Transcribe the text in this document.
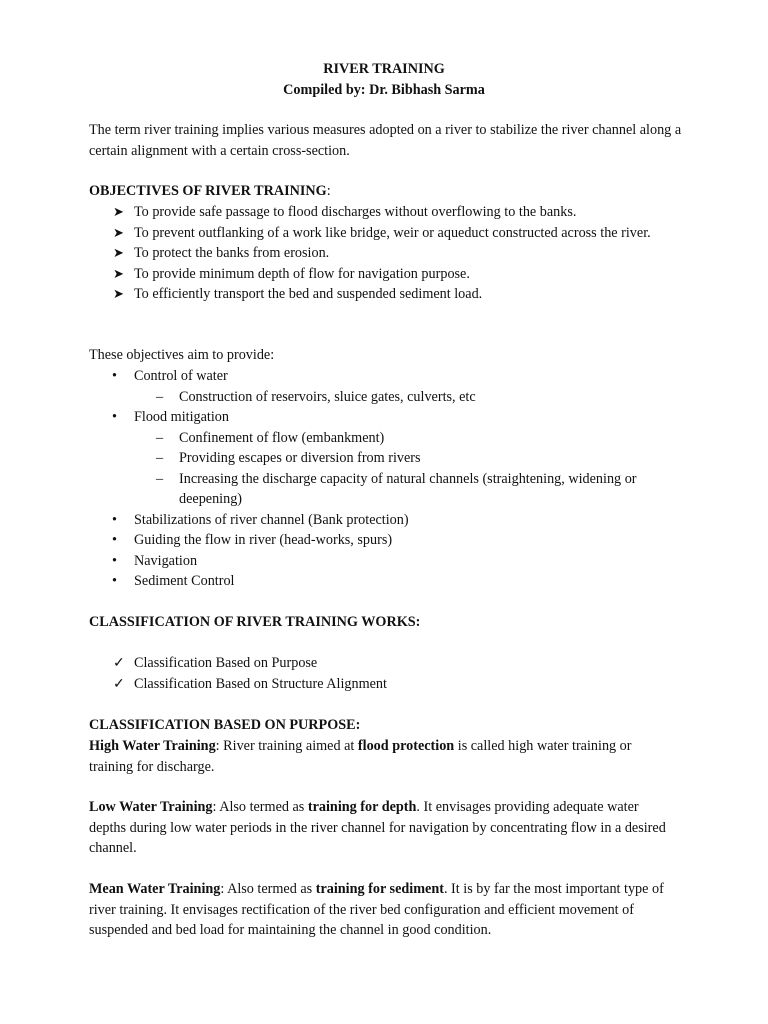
RIVER TRAINING
Compiled by: Dr. Bibhash Sarma

The term river training implies various measures adopted on a river to stabilize the river channel along a certain alignment with a certain cross-section.

OBJECTIVES OF RIVER TRAINING:
➤ To provide safe passage to flood discharges without overflowing to the banks.
➤ To prevent outflanking of a work like bridge, weir or aqueduct constructed across the river.
➤ To protect the banks from erosion.
➤ To provide minimum depth of flow for navigation purpose.
➤ To efficiently transport the bed and suspended sediment load.
These objectives aim to provide:
• Control of water
– Construction of reservoirs, sluice gates, culverts, etc
• Flood mitigation
– Confinement of flow (embankment)
– Providing escapes or diversion from rivers
– Increasing the discharge capacity of natural channels (straightening, widening or deepening)
• Stabilizations of river channel (Bank protection)
• Guiding the flow in river (head-works, spurs)
• Navigation
• Sediment Control
CLASSIFICATION OF RIVER TRAINING WORKS:
✓ Classification Based on Purpose
✓ Classification Based on Structure Alignment
CLASSIFICATION BASED ON PURPOSE:

High Water Training: River training aimed at flood protection is called high water training or training for discharge.

Low Water Training: Also termed as training for depth. It envisages providing adequate water depths during low water periods in the river channel for navigation by concentrating flow in a desired channel.

Mean Water Training: Also termed as training for sediment. It is by far the most important type of river training. It envisages rectification of the river bed configuration and efficient movement of suspended and bed load for maintaining the channel in good condition.
